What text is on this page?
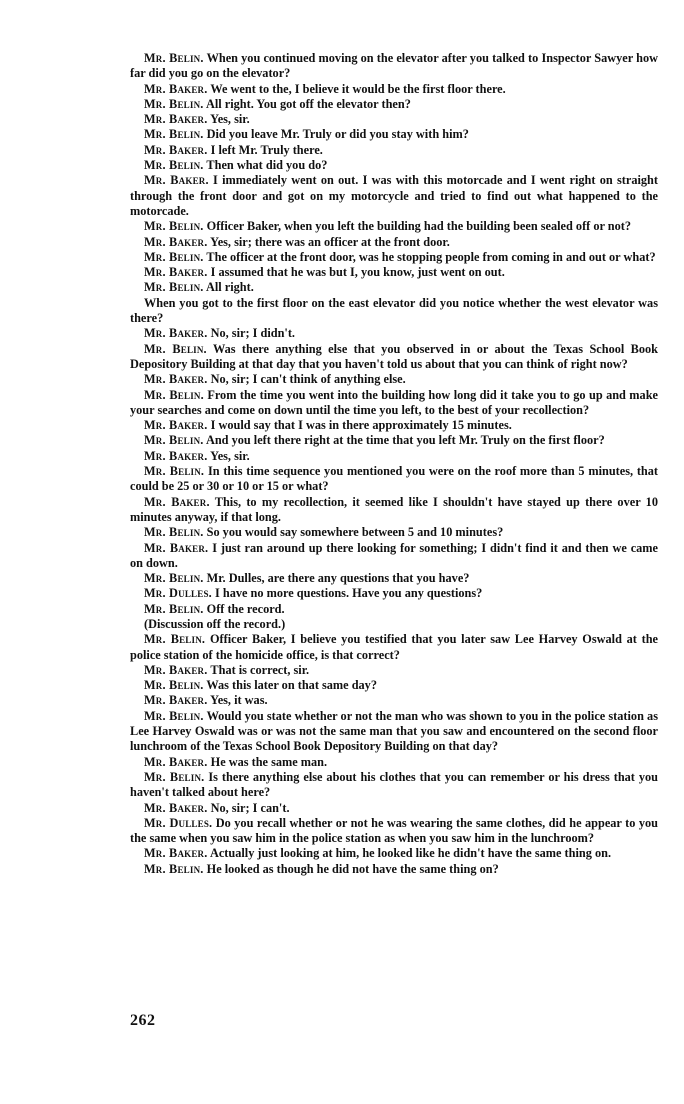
Mr. Belin. When you continued moving on the elevator after you talked to Inspector Sawyer how far did you go on the elevator?

Mr. Baker. We went to the, I believe it would be the first floor there.

Mr. Belin. All right. You got off the elevator then?

Mr. Baker. Yes, sir.

Mr. Belin. Did you leave Mr. Truly or did you stay with him?

Mr. Baker. I left Mr. Truly there.

Mr. Belin. Then what did you do?

Mr. Baker. I immediately went on out. I was with this motorcade and I went right on straight through the front door and got on my motorcycle and tried to find out what happened to the motorcade.

Mr. Belin. Officer Baker, when you left the building had the building been sealed off or not?

Mr. Baker. Yes, sir; there was an officer at the front door.

Mr. Belin. The officer at the front door, was he stopping people from coming in and out or what?

Mr. Baker. I assumed that he was but I, you know, just went on out.

Mr. Belin. All right.

When you got to the first floor on the east elevator did you notice whether the west elevator was there?

Mr. Baker. No, sir; I didn't.

Mr. Belin. Was there anything else that you observed in or about the Texas School Book Depository Building at that day that you haven't told us about that you can think of right now?

Mr. Baker. No, sir; I can't think of anything else.

Mr. Belin. From the time you went into the building how long did it take you to go up and make your searches and come on down until the time you left, to the best of your recollection?

Mr. Baker. I would say that I was in there approximately 15 minutes.

Mr. Belin. And you left there right at the time that you left Mr. Truly on the first floor?

Mr. Baker. Yes, sir.

Mr. Belin. In this time sequence you mentioned you were on the roof more than 5 minutes, that could be 25 or 30 or 10 or 15 or what?

Mr. Baker. This, to my recollection, it seemed like I shouldn't have stayed up there over 10 minutes anyway, if that long.

Mr. Belin. So you would say somewhere between 5 and 10 minutes?

Mr. Baker. I just ran around up there looking for something; I didn't find it and then we came on down.

Mr. Belin. Mr. Dulles, are there any questions that you have?

Mr. Dulles. I have no more questions. Have you any questions?

Mr. Belin. Off the record.

(Discussion off the record.)

Mr. Belin. Officer Baker, I believe you testified that you later saw Lee Harvey Oswald at the police station of the homicide office, is that correct?

Mr. Baker. That is correct, sir.

Mr. Belin. Was this later on that same day?

Mr. Baker. Yes, it was.

Mr. Belin. Would you state whether or not the man who was shown to you in the police station as Lee Harvey Oswald was or was not the same man that you saw and encountered on the second floor lunchroom of the Texas School Book Depository Building on that day?

Mr. Baker. He was the same man.

Mr. Belin. Is there anything else about his clothes that you can remember or his dress that you haven't talked about here?

Mr. Baker. No, sir; I can't.

Mr. Dulles. Do you recall whether or not he was wearing the same clothes, did he appear to you the same when you saw him in the police station as when you saw him in the lunchroom?

Mr. Baker. Actually just looking at him, he looked like he didn't have the same thing on.

Mr. Belin. He looked as though he did not have the same thing on?

262
